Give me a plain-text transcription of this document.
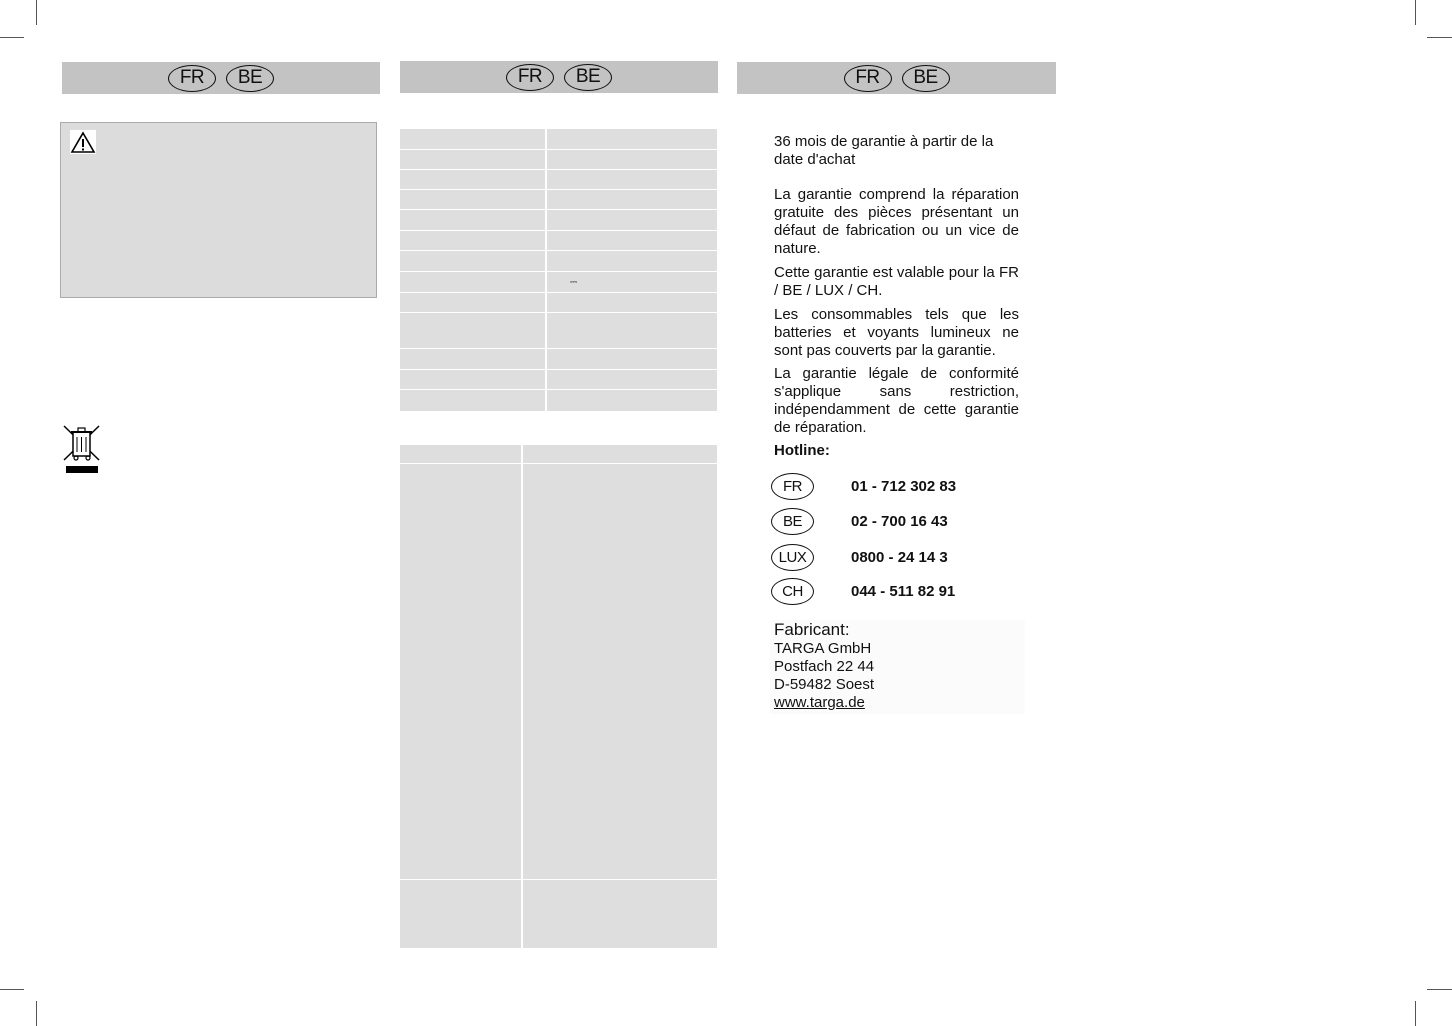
FR	BE	FR	BE	FR	BE
⎓

36 mois de garantie à partir de la date d'achat

La garantie comprend la réparation gratuite des pièces présentant un défaut de fabrication ou un vice de nature.

Cette garantie est valable pour la FR / BE / LUX / CH.

Les consommables tels que les batteries et voyants lumineux ne sont pas couverts par la garantie.

La garantie légale de conformité s'applique sans restriction, indépendamment de cette garantie de réparation.

Hotline:
FR	01 - 712 302 83
BE	02 - 700 16 43
LUX	0800 - 24 14 3
CH	044 - 511 82 91
Fabricant:
TARGA GmbH
Postfach 22 44
D-59482 Soest
www.targa.de
